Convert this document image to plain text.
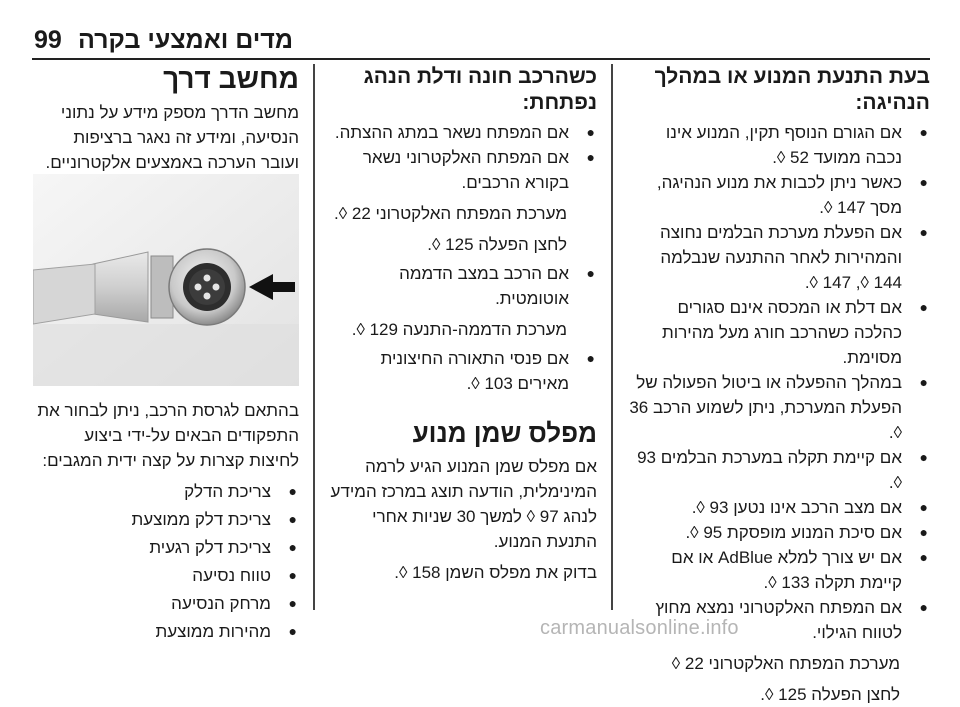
99 מדים ואמצעי בקרה
בעת התנעת המנוע או במהלך הנהיגה:
● אם הגורם הנוסף תקין, המנוע אינו נכבה ממועד 52 ◊.
● כאשר ניתן לכבות את מנוע הנהיגה, מסך 147 ◊.
● אם הפעלת מערכת הבלמים נחוצה והמהירות לאחר ההתנעה שנבלמה 144 ◊, 147 ◊.
● אם דלת או המכסה אינם סגורים כהלכה כשהרכב חורג מעל מהירות מסוימת.
● במהלך ההפעלה או ביטול הפעולה של הפעלת המערכת, ניתן לשמוע הרכב 36 ◊.
● אם קיימת תקלה במערכת הבלמים 93 ◊.
● אם מצב הרכב אינו נטען 93 ◊.
● אם סיכת המנוע מופסקת 95 ◊.
● אם יש צורך למלא AdBlue או אם קיימת תקלה 133 ◊.
● אם המפתח האלקטרוני נמצא מחוץ לטווח הגילוי.
מערכת המפתח האלקטרוני 22 ◊
לחצן הפעלה 125 ◊.
כשהרכב חונה ודלת הנהג נפתחת:
● אם המפתח נשאר במתג ההצתה.
● אם המפתח האלקטרוני נשאר בקורא הרכבים.
מערכת המפתח האלקטרוני 22 ◊.
לחצן הפעלה 125 ◊.
● אם הרכב במצב הדממה אוטומטית.
מערכת הדממה-התנעה 129 ◊.
● אם פנסי התאורה החיצונית מאירים 103 ◊.
מפלס שמן מנוע

אם מפלס שמן המנוע הגיע לרמה המינימלית, הודעה תוצג במרכז המידע לנהג 97 ◊ למשך 30 שניות אחרי התנעת המנוע.

בדוק את מפלס השמן 158 ◊.

מחשב דרך

מחשב הדרך מספק מידע על נתוני הנסיעה, ומידע זה נאגר ברציפות ועובר הערכה באמצעים אלקטרוניים.

בהתאם לגרסת הרכב, ניתן לבחור את התפקודים הבאים על-ידי ביצוע לחיצות קצרות על קצה ידית המגבים:

● צריכת הדלק
● צריכת דלק ממוצעת
● צריכת דלק רגעית
● טווח נסיעה
● מרחק הנסיעה
● מהירות ממוצעת	carmanualsonline.info
